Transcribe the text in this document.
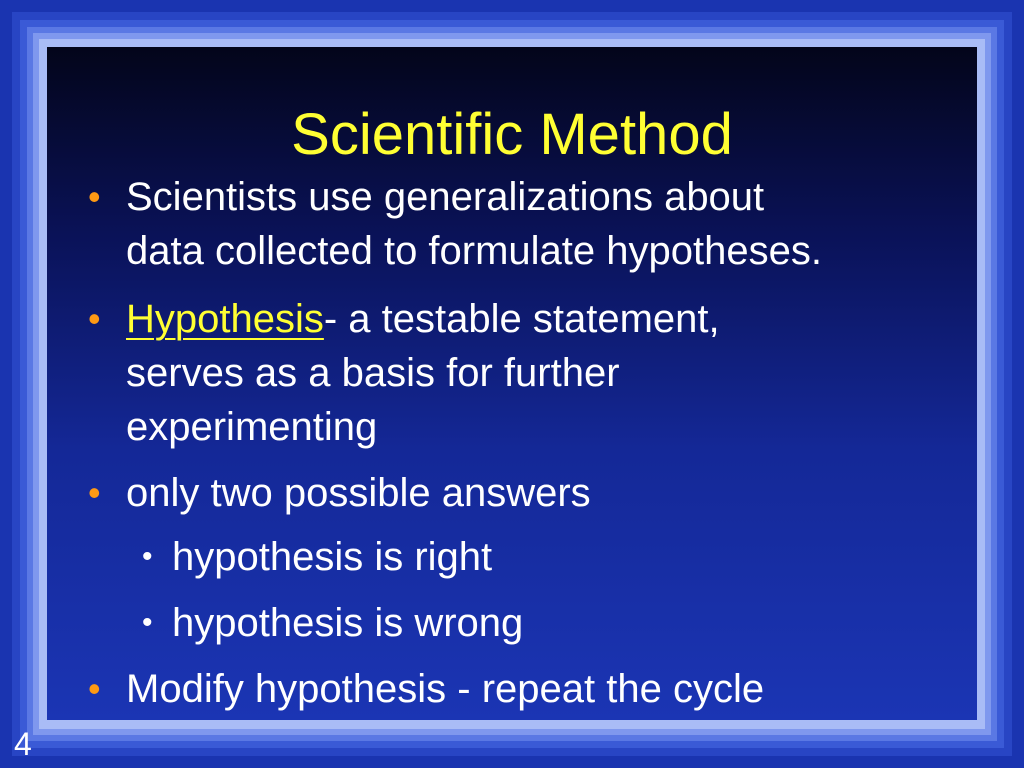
Scientific Method
• Scientists use generalizations about
data collected to formulate hypotheses.
• Hypothesis- a testable statement,
serves as a basis for further
experimenting
• only two possible answers
• hypothesis is right
• hypothesis is wrong
• Modify hypothesis - repeat the cycle
4
